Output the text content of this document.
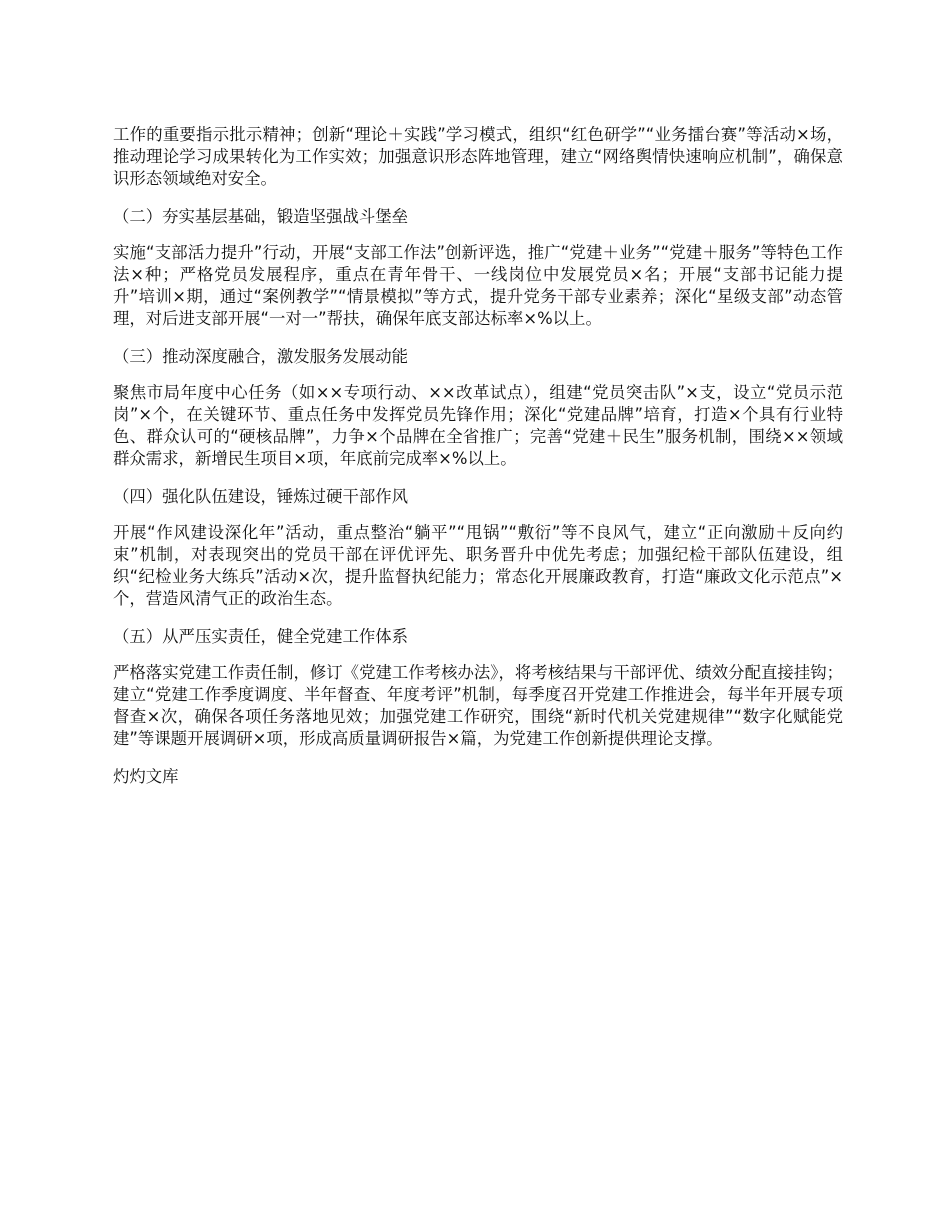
工作的重要指示批示精神；创新“理论＋实践”学习模式，组织“红色研学”“业务擂台赛”等活动×场，推动理论学习成果转化为工作实效；加强意识形态阵地管理，建立“网络舆情快速响应机制”，确保意识形态领域绝对安全。

（二）夯实基层基础，锻造坚强战斗堡垒

实施“支部活力提升”行动，开展“支部工作法”创新评选，推广“党建＋业务”“党建＋服务”等特色工作法×种；严格党员发展程序，重点在青年骨干、一线岗位中发展党员×名；开展“支部书记能力提升”培训×期，通过“案例教学”“情景模拟”等方式，提升党务干部专业素养；深化“星级支部”动态管理，对后进支部开展“一对一”帮扶，确保年底支部达标率×%以上。

（三）推动深度融合，激发服务发展动能

聚焦市局年度中心任务（如××专项行动、××改革试点），组建“党员突击队”×支，设立“党员示范岗”×个，在关键环节、重点任务中发挥党员先锋作用；深化“党建品牌”培育，打造×个具有行业特色、群众认可的“硬核品牌”，力争×个品牌在全省推广；完善“党建＋民生”服务机制，围绕××领域群众需求，新增民生项目×项，年底前完成率×%以上。

（四）强化队伍建设，锤炼过硬干部作风

开展“作风建设深化年”活动，重点整治“躺平”“甩锅”“敷衍”等不良风气，建立“正向激励＋反向约束”机制，对表现突出的党员干部在评优评先、职务晋升中优先考虑；加强纪检干部队伍建设，组织“纪检业务大练兵”活动×次，提升监督执纪能力；常态化开展廉政教育，打造“廉政文化示范点”×个，营造风清气正的政治生态。

（五）从严压实责任，健全党建工作体系

严格落实党建工作责任制，修订《党建工作考核办法》，将考核结果与干部评优、绩效分配直接挂钩；建立“党建工作季度调度、半年督查、年度考评”机制，每季度召开党建工作推进会，每半年开展专项督查×次，确保各项任务落地见效；加强党建工作研究，围绕“新时代机关党建规律”“数字化赋能党建”等课题开展调研×项，形成高质量调研报告×篇，为党建工作创新提供理论支撑。

灼灼文库
